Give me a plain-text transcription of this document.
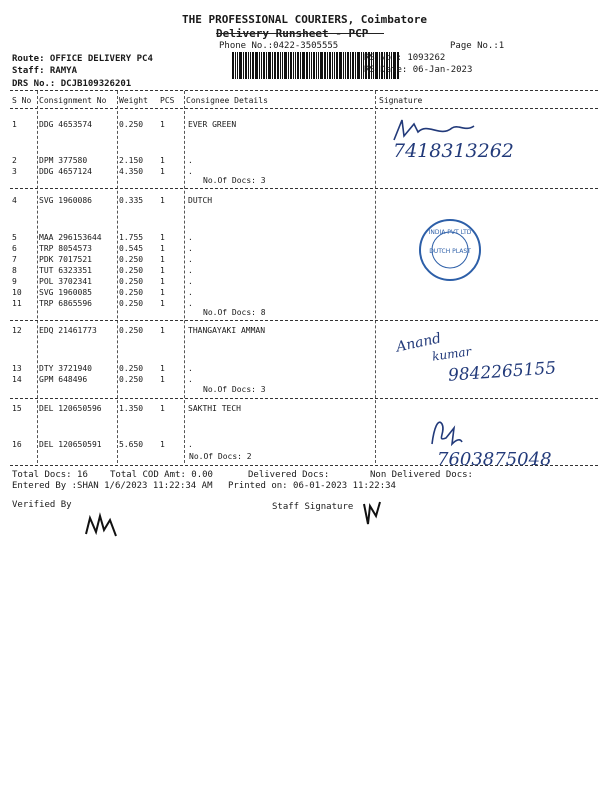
THE PROFESSIONAL COURIERS, Coimbatore
Delivery Runsheet - PCP
Phone No.:0422-3505555	Page No.:1
Route: OFFICE DELIVERY PC4
Staff: RAMYA
DRS No.: DCJB109326201
RS No.: 1093262
RS Date: 06-Jan-2023
S No Consignment No Weight PCS Consignee Details	Signature
1	DDG 4653574	0.250 1	EVER GREEN
2	DPM 377580	2.150 1	.
3	DDG 4657124	4.350 1	.
4	SVG 1960086	0.335 1	DUTCH
5	MAA 296153644 1.755 1	.
6	TRP 8054573	0.545 1	.
7	PDK 7017521	0.250 1	.
8	TUT 6323351	0.250 1	.
9	POL 3702341	0.250 1	.
10 SVG 1960085	0.250 1	.
11 TRP 6865596	0.250 1	.
12 EDQ 21461773	0.250 1	THANGAYAKI AMMAN
13 DTY 3721940	0.250 1	.
14 GPM 648496	0.250 1	.
15 DEL 120650596 1.350 1	SAKTHI TECH
16 DEL 120650591 5.650 1	.
No.Of Docs: 3
No.Of Docs: 8
No.Of Docs: 3
No.Of Docs: 2
7418313262
INDIA PVT LTD
DUTCH PLAST
Anand
kumar
9842265155
7603875048
Total Docs: 16 Total COD Amt: 0.00	Delivered Docs:	Non Delivered Docs:
Entered By :SHAN 1/6/2023 11:22:34 AM Printed on: 06-01-2023 11:22:34
Verified By	Staff Signature
